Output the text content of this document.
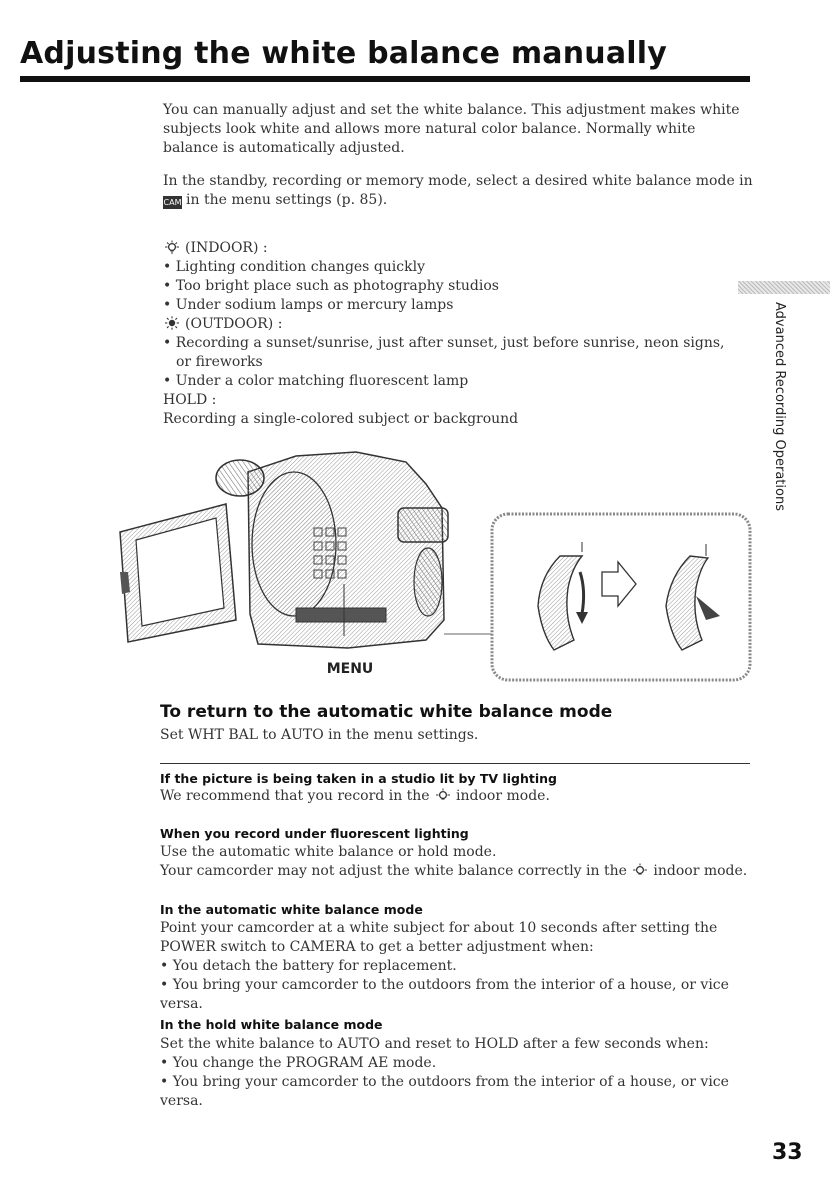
Adjusting the white balance manually

You can manually adjust and set the white balance. This adjustment makes white subjects look white and allows more natural color balance. Normally white balance is automatically adjusted.

In the standby, recording or memory mode, select a desired white balance mode in
CAM in the menu settings (p. 85).

(INDOOR) :

• Lighting condition changes quickly

• Too bright place such as photography studios

• Under sodium lamps or mercury lamps

(OUTDOOR) :

• Recording a sunset/sunrise, just after sunset, just before sunrise, neon signs, or fireworks

• Under a color matching fluorescent lamp

HOLD :

Recording a single-colored subject or background	Advanced Recording Operations
MENU
To return to the automatic white balance mode

Set WHT BAL to AUTO in the menu settings.

If the picture is being taken in a studio lit by TV lighting

We recommend that you record in the indoor mode.

When you record under fluorescent lighting

Use the automatic white balance or hold mode.

Your camcorder may not adjust the white balance correctly in the indoor mode.

In the automatic white balance mode

Point your camcorder at a white subject for about 10 seconds after setting the POWER switch to CAMERA to get a better adjustment when:

• You detach the battery for replacement.

• You bring your camcorder to the outdoors from the interior of a house, or vice versa.

In the hold white balance mode

Set the white balance to AUTO and reset to HOLD after a few seconds when:

• You change the PROGRAM AE mode.

• You bring your camcorder to the outdoors from the interior of a house, or vice versa.

33
